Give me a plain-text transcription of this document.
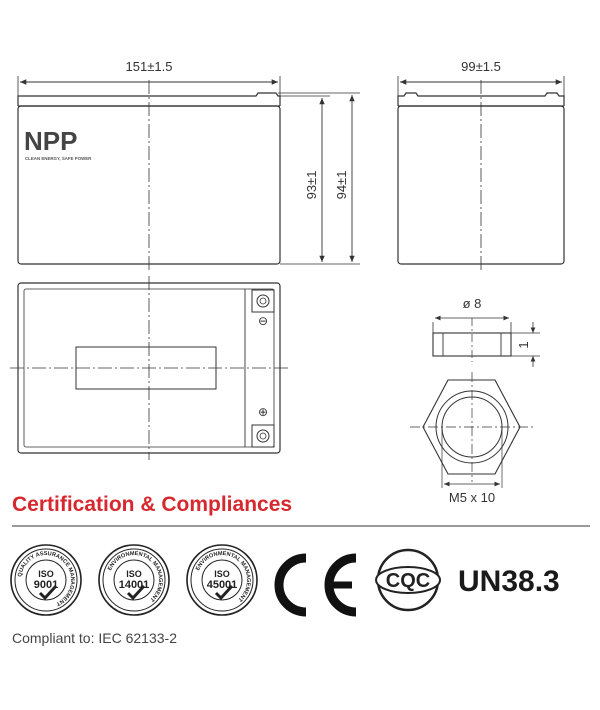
151±1.5
93±1 94±1
NPP
CLEAN ENERGY, SAFE POWER
99±1.5
⊖
⊕
ø 8
1
M5 x 10
Certification & Compliances
QUALITY ASSURANCE MANAGEMENT
ISO
9001
ENVIRONMENTAL MANAGEMENT
ISO
14001
ENVIRONMENTAL MANAGEMENT
ISO
45001	CQC UN38.3
Compliant to: IEC 62133-2
